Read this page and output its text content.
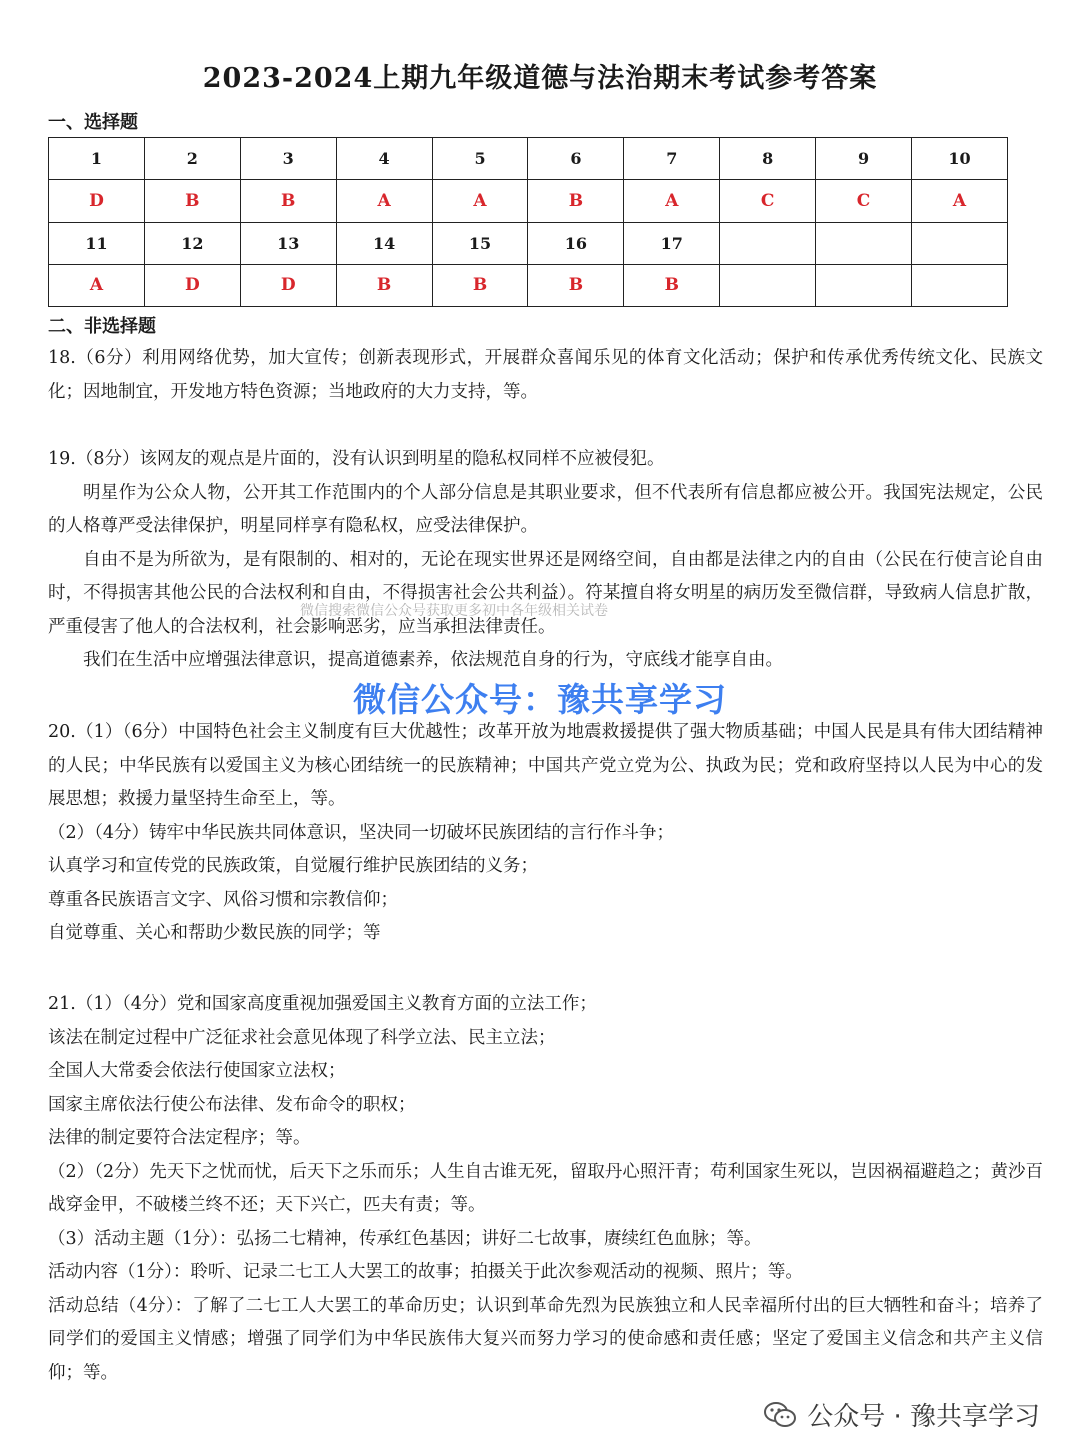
2023-2024上期九年级道德与法治期末考试参考答案
一、选择题
1	2	3	4	5	6	7	8	9	10
D	B	B	A	A	B	A	C	C	A
11	12	13	14	15	16	17			
A	D	D	B	B	B	B			
二、非选择题

18.（6分）利用网络优势，加大宣传；创新表现形式，开展群众喜闻乐见的体育文化活动；保护和传承优秀传统文化、民族文化；因地制宜，开发地方特色资源；当地政府的大力支持，等。

19.（8分）该网友的观点是片面的，没有认识到明星的隐私权同样不应被侵犯。

明星作为公众人物，公开其工作范围内的个人部分信息是其职业要求，但不代表所有信息都应被公开。我国宪法规定，公民的人格尊严受法律保护，明星同样享有隐私权，应受法律保护。

自由不是为所欲为，是有限制的、相对的，无论在现实世界还是网络空间，自由都是法律之内的自由（公民在行使言论自由时，不得损害其他公民的合法权利和自由，不得损害社会公共利益）。符某擅自将女明星的病历发至微信群，导致病人信息扩散，严重侵害了他人的合法权利，社会影响恶劣，应当承担法律责任。

我们在生活中应增强法律意识，提高道德素养，依法规范自身的行为，守底线才能享自由。

微信搜索微信公众号获取更多初中各年级相关试卷
微信公众号：豫共享学习

20.（1）（6分）中国特色社会主义制度有巨大优越性；改革开放为地震救援提供了强大物质基础；中国人民是具有伟大团结精神的人民；中华民族有以爱国主义为核心团结统一的民族精神；中国共产党立党为公、执政为民；党和政府坚持以人民为中心的发展思想；救援力量坚持生命至上，等。

（2）（4分）铸牢中华民族共同体意识，坚决同一切破坏民族团结的言行作斗争；

认真学习和宣传党的民族政策，自觉履行维护民族团结的义务；

尊重各民族语言文字、风俗习惯和宗教信仰；

自觉尊重、关心和帮助少数民族的同学；等

21.（1）（4分）党和国家高度重视加强爱国主义教育方面的立法工作；

该法在制定过程中广泛征求社会意见体现了科学立法、民主立法；

全国人大常委会依法行使国家立法权；

国家主席依法行使公布法律、发布命令的职权；

法律的制定要符合法定程序；等。

（2）（2分）先天下之忧而忧，后天下之乐而乐；人生自古谁无死，留取丹心照汗青；苟利国家生死以，岂因祸福避趋之；黄沙百战穿金甲，不破楼兰终不还；天下兴亡，匹夫有责；等。

（3）活动主题（1分）：弘扬二七精神，传承红色基因；讲好二七故事，赓续红色血脉；等。

活动内容（1分）：聆听、记录二七工人大罢工的故事；拍摄关于此次参观活动的视频、照片；等。

活动总结（4分）：了解了二七工人大罢工的革命历史；认识到革命先烈为民族独立和人民幸福所付出的巨大牺牲和奋斗；培养了同学们的爱国主义情感；增强了同学们为中华民族伟大复兴而努力学习的使命感和责任感；坚定了爱国主义信念和共产主义信仰；等。

公众号 · 豫共享学习
